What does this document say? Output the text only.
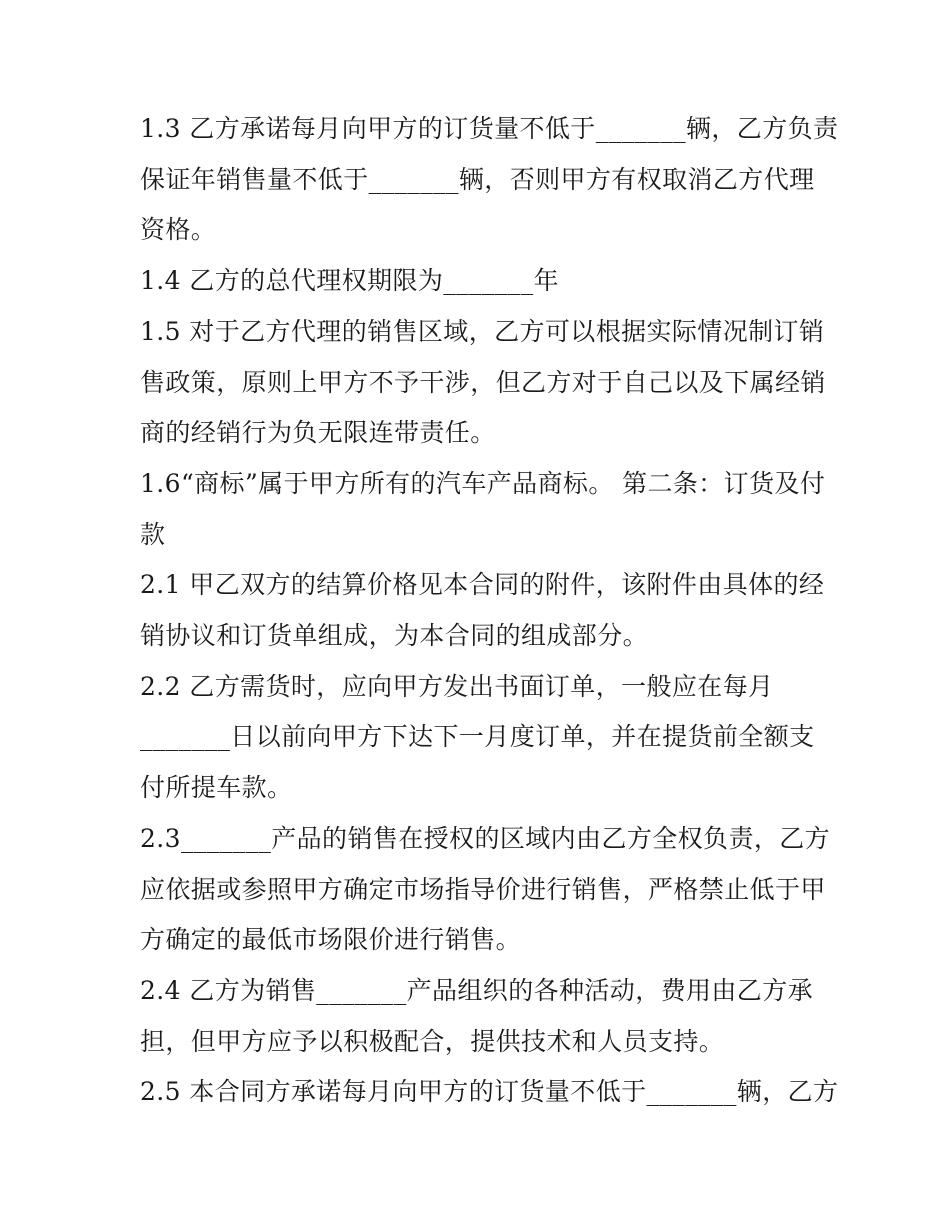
1.3 乙方承诺每月向甲方的订货量不低于_______辆，乙方负责
保证年销售量不低于_______辆，否则甲方有权取消乙方代理
资格。
1.4 乙方的总代理权期限为_______年
1.5 对于乙方代理的销售区域，乙方可以根据实际情况制订销
售政策，原则上甲方不予干涉，但乙方对于自己以及下属经销
商的经销行为负无限连带责任。
1.6“商标”属于甲方所有的汽车产品商标。 第二条：订货及付
款
2.1 甲乙双方的结算价格见本合同的附件，该附件由具体的经
销协议和订货单组成，为本合同的组成部分。
2.2 乙方需货时，应向甲方发出书面订单，一般应在每月
_______日以前向甲方下达下一月度订单，并在提货前全额支
付所提车款。
2.3_______产品的销售在授权的区域内由乙方全权负责，乙方
应依据或参照甲方确定市场指导价进行销售，严格禁止低于甲
方确定的最低市场限价进行销售。
2.4 乙方为销售_______产品组织的各种活动，费用由乙方承
担，但甲方应予以积极配合，提供技术和人员支持。
2.5 本合同方承诺每月向甲方的订货量不低于_______辆，乙方
